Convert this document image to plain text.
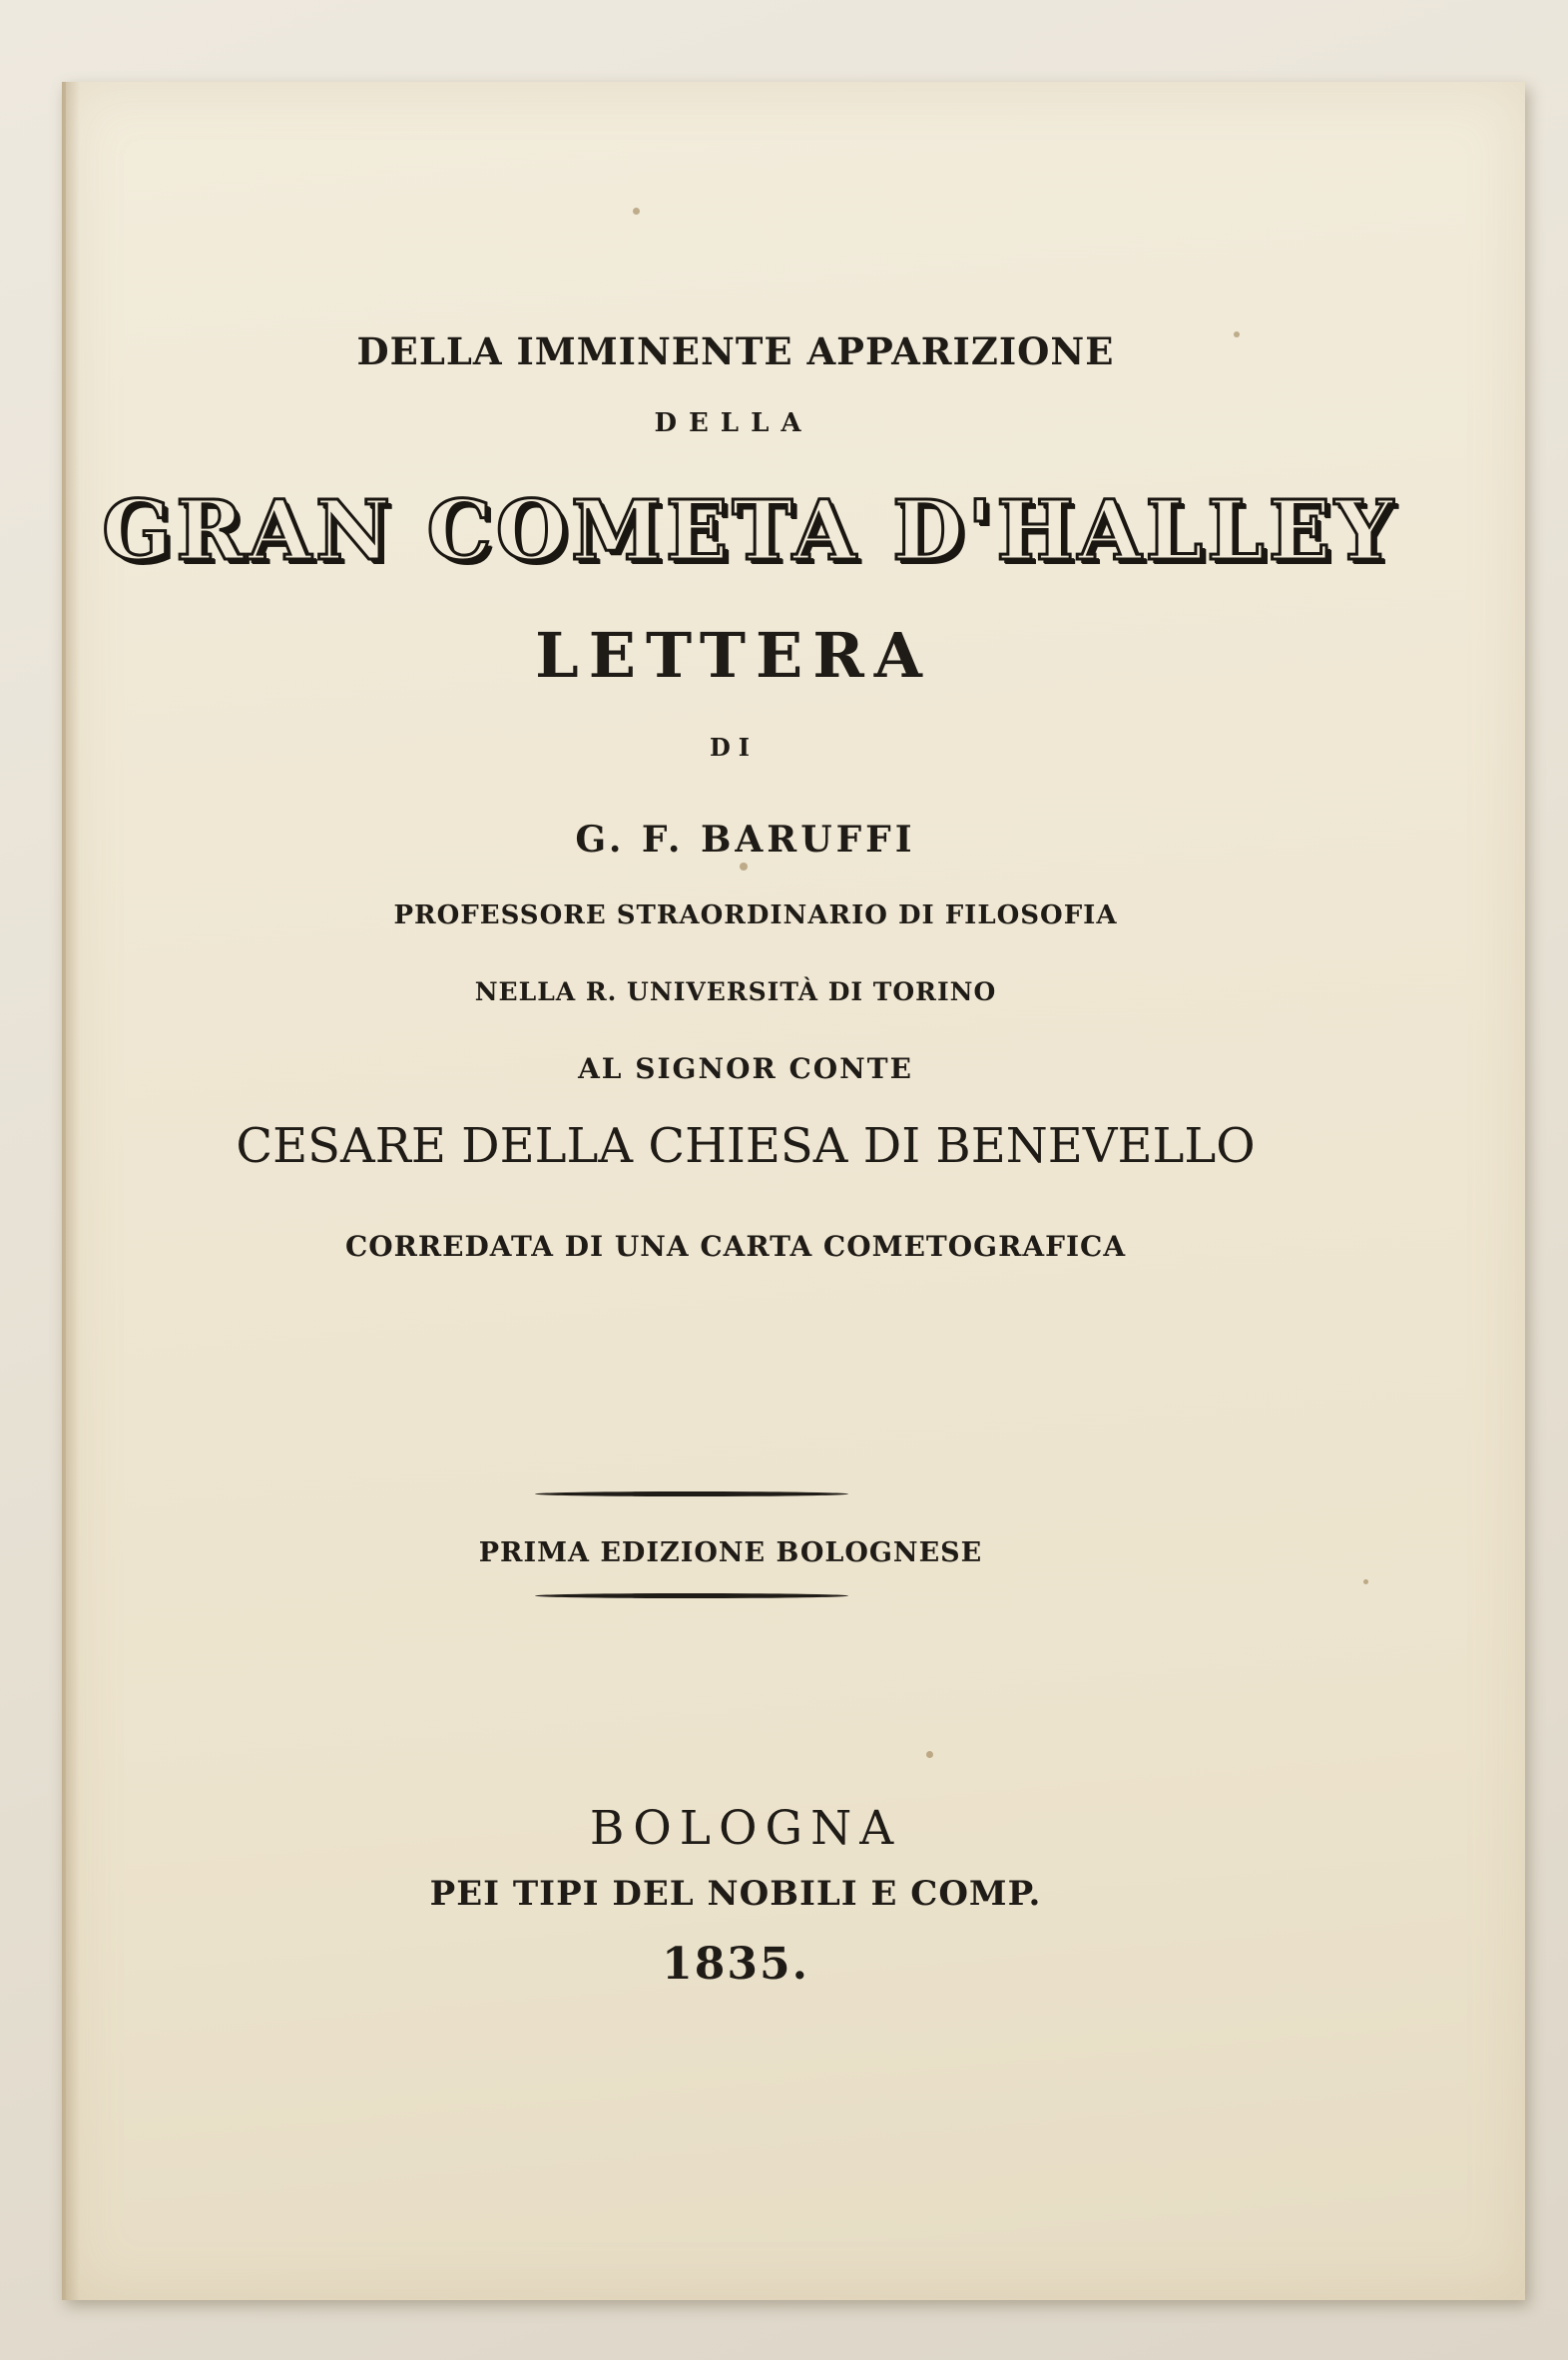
DELLA IMMINENTE APPARIZIONE

DELLA

GRAN COMETA D'HALLEY

LETTERA

DI

G. F. BARUFFI

PROFESSORE STRAORDINARIO DI FILOSOFIA

NELLA R. UNIVERSITÀ DI TORINO

AL SIGNOR CONTE

CESARE DELLA CHIESA DI BENEVELLO

CORREDATA DI UNA CARTA COMETOGRAFICA

PRIMA EDIZIONE BOLOGNESE

BOLOGNA

PEI TIPI DEL NOBILI E COMP.

1835.
